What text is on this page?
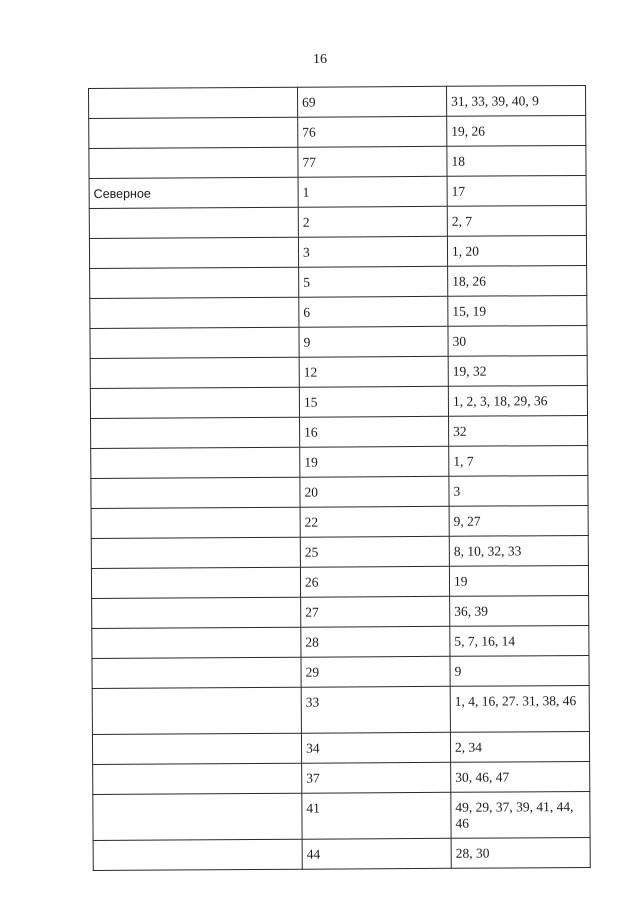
16
	69	31, 33, 39, 40, 9
	76	19, 26
	77	18
Северное	1	17
	2	2, 7
	3	1, 20
	5	18, 26
	6	15, 19
	9	30
	12	19, 32
	15	1, 2, 3, 18, 29, 36
	16	32
	19	1, 7
	20	3
	22	9, 27
	25	8, 10, 32, 33
	26	19
	27	36, 39
	28	5, 7, 16, 14
	29	9
	33	1, 4, 16, 27. 31, 38, 46
	34	2, 34
	37	30, 46, 47
	41	49, 29, 37, 39, 41, 44, 46
	44	28, 30
